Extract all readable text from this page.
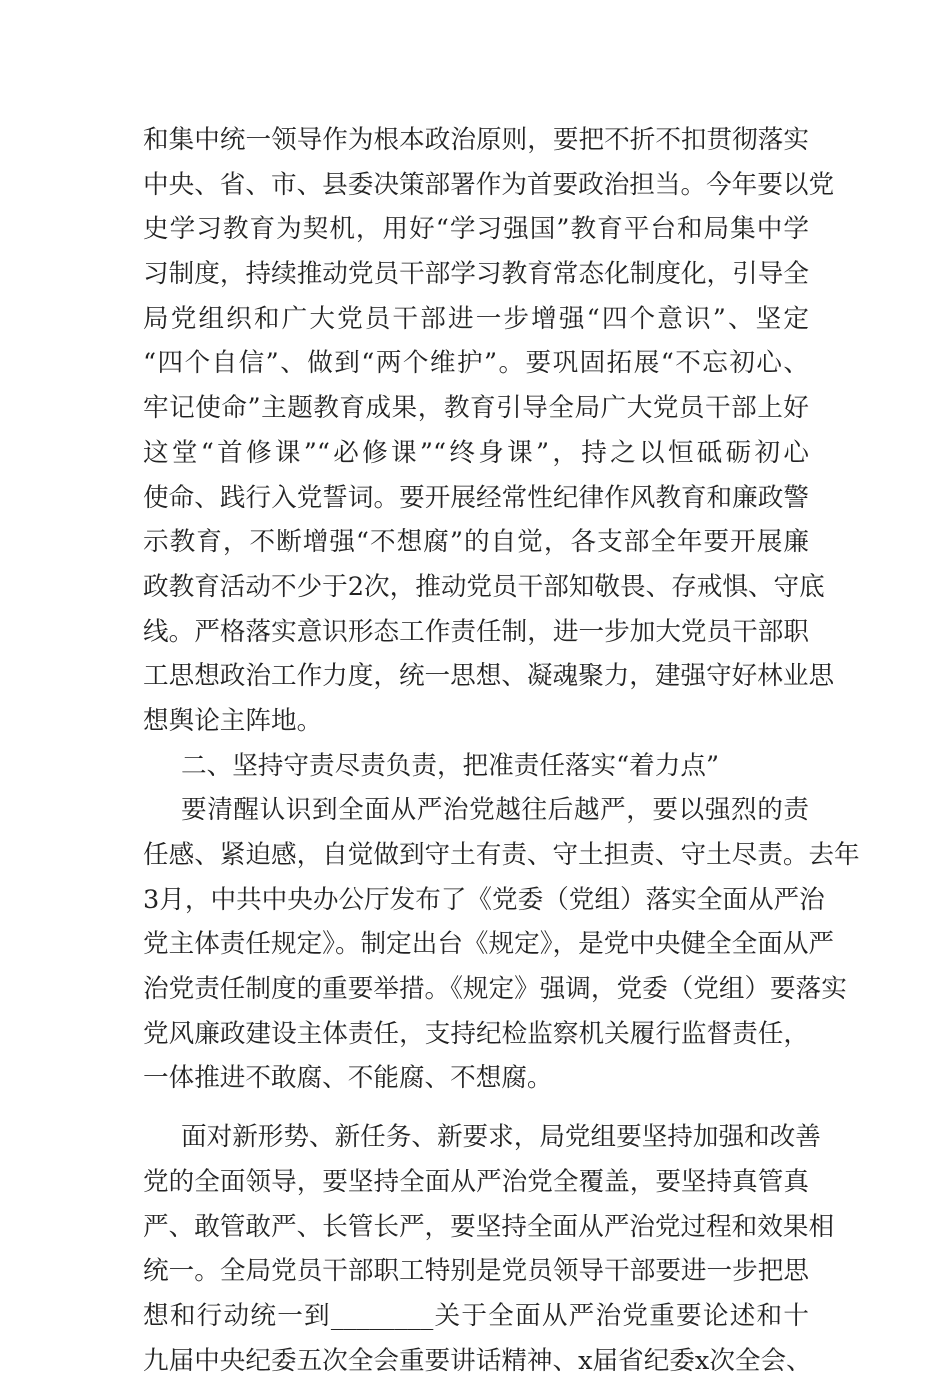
和集中统一领导作为根本政治原则，要把不折不扣贯彻落实
中央、省、市、县委决策部署作为首要政治担当。今年要以党
史学习教育为契机，用好“学习强国”教育平台和局集中学
习制度，持续推动党员干部学习教育常态化制度化，引导全
局党组织和广大党员干部进一步增强“四个意识”、坚定
“四个自信”、做到“两个维护”。要巩固拓展“不忘初心、
牢记使命”主题教育成果，教育引导全局广大党员干部上好
这堂“首修课”“必修课”“终身课”，持之以恒砥砺初心
使命、践行入党誓词。要开展经常性纪律作风教育和廉政警
示教育，不断增强“不想腐”的自觉，各支部全年要开展廉
政教育活动不少于2次，推动党员干部知敬畏、存戒惧、守底
线。严格落实意识形态工作责任制，进一步加大党员干部职
工思想政治工作力度，统一思想、凝魂聚力，建强守好林业思
想舆论主阵地。
二、坚持守责尽责负责，把准责任落实“着力点”
要清醒认识到全面从严治党越往后越严，要以强烈的责
任感、紧迫感，自觉做到守土有责、守土担责、守土尽责。去年
3月，中共中央办公厅发布了《党委（党组）落实全面从严治
党主体责任规定》。制定出台《规定》，是党中央健全全面从严
治党责任制度的重要举措。《规定》强调，党委（党组）要落实
党风廉政建设主体责任，支持纪检监察机关履行监督责任，
一体推进不敢腐、不能腐、不想腐。
面对新形势、新任务、新要求，局党组要坚持加强和改善
党的全面领导，要坚持全面从严治党全覆盖，要坚持真管真
严、敢管敢严、长管长严，要坚持全面从严治党过程和效果相
统一。全局党员干部职工特别是党员领导干部要进一步把思
想和行动统一到________关于全面从严治党重要论述和十
九届中央纪委五次全会重要讲话精神、x届省纪委x次全会、
